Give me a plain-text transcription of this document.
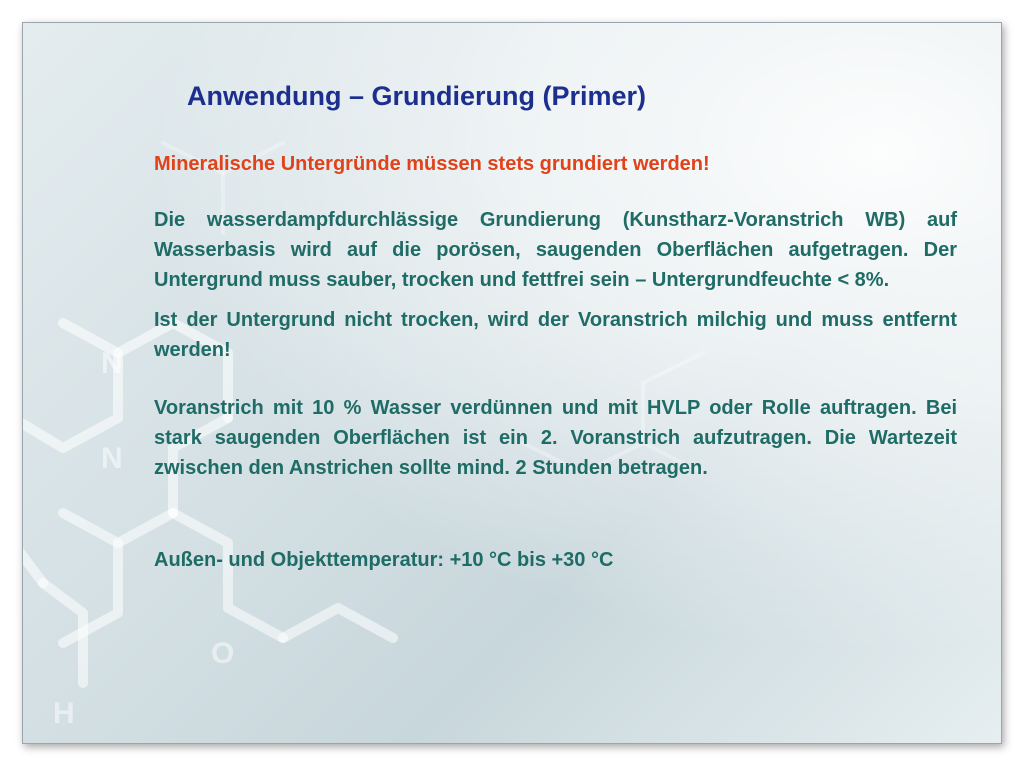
N
N
O
H
Anwendung – Grundierung (Primer)

Mineralische Untergründe müssen stets grundiert werden!

Die wasserdampfdurchlässige Grundierung (Kunstharz-Voranstrich WB) auf Wasserbasis wird auf die porösen, saugenden Oberflächen aufgetragen. Der Untergrund muss sauber, trocken und fettfrei sein – Untergrundfeuchte < 8%.

Ist der Untergrund nicht trocken, wird der Voranstrich milchig und muss entfernt werden!

Voranstrich mit 10 % Wasser verdünnen und mit HVLP oder Rolle auftragen. Bei stark saugenden Oberflächen ist ein 2. Voranstrich aufzutragen. Die Wartezeit zwischen den Anstrichen sollte mind. 2 Stunden betragen.

Außen- und Objekttemperatur: +10 °C bis +30 °C
